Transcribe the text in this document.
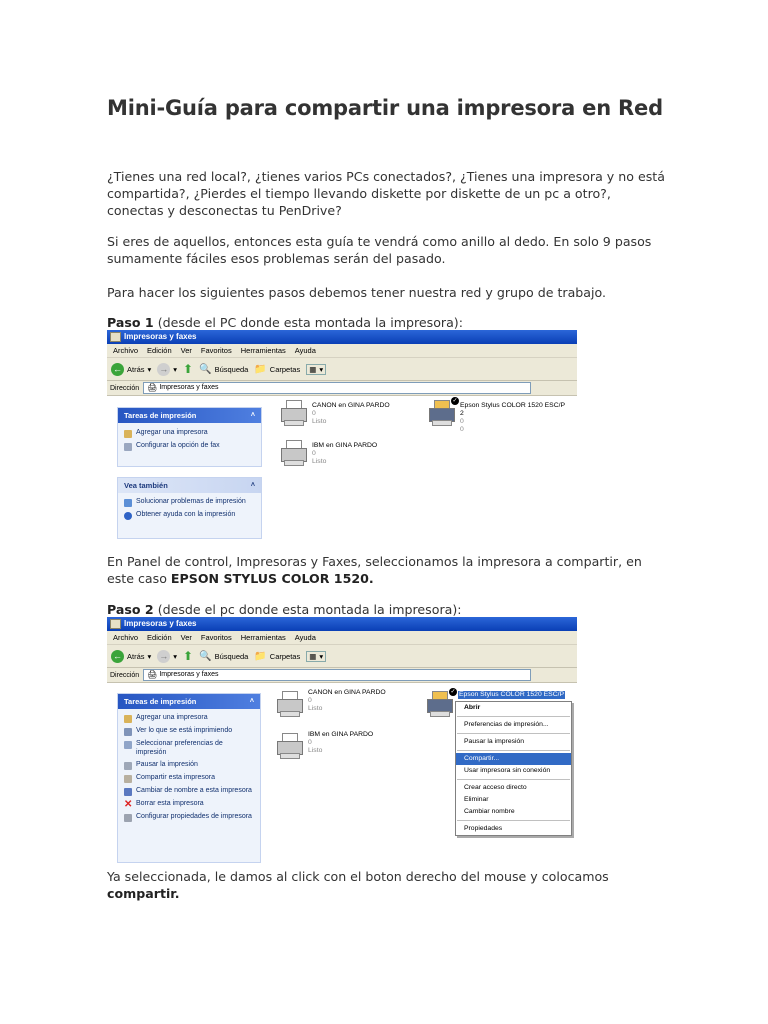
Mini-Guía para compartir una impresora en Red

¿Tienes una red local?, ¿tienes varios PCs conectados?, ¿Tienes una impresora y no está compartida?, ¿Pierdes el tiempo llevando diskette por diskette de un pc a otro?, conectas y desconectas tu PenDrive?

Si eres de aquellos, entonces esta guía te vendrá como anillo al dedo. En solo 9 pasos sumamente fáciles esos problemas serán del pasado.

Para hacer los siguientes pasos debemos tener nuestra red y grupo de trabajo.

Paso 1 (desde el PC donde esta montada la impresora):

Impresoras y faxes
Archivo Edición Ver Favoritos Herramientas Ayuda
← Atrás ▾ → ▾ ⬆ 🔍 Búsqueda 📁 Carpetas ▦ ▾
Dirección 🖨 Impresoras y faxes
Tareas de impresión	˄
Agregar una impresora
Configurar la opción de fax
Vea también	˄
Solucionar problemas de impresión
Obtener ayuda con la impresión
CANON en GINA PARDO
0
Listo
IBM en GINA PARDO
0
Listo
✓
Epson Stylus COLOR 1520 ESC/P 2
0
0

En Panel de control, Impresoras y Faxes, seleccionamos la impresora a compartir, en este caso EPSON STYLUS COLOR 1520.

Paso 2 (desde el pc donde esta montada la impresora):

Impresoras y faxes
Archivo Edición Ver Favoritos Herramientas Ayuda
← Atrás ▾ → ▾ ⬆ 🔍 Búsqueda 📁 Carpetas ▦ ▾
Dirección 🖨 Impresoras y faxes
Tareas de impresión	˄
Agregar una impresora
Ver lo que se está imprimiendo
Seleccionar preferencias de impresión
Pausar la impresión
Compartir esta impresora
Cambiar de nombre a esta impresora
✕ Borrar esta impresora
Configurar propiedades de impresora
CANON en GINA PARDO
0
Listo
IBM en GINA PARDO
0
Listo
✓ Epson Stylus COLOR 1520 ESC/P
Abrir
Preferencias de impresión...
Pausar la impresión
Compartir...
Usar impresora sin conexión
Crear acceso directo
Eliminar
Cambiar nombre
Propiedades

Ya seleccionada, le damos al click con el boton derecho del mouse y colocamos compartir.
